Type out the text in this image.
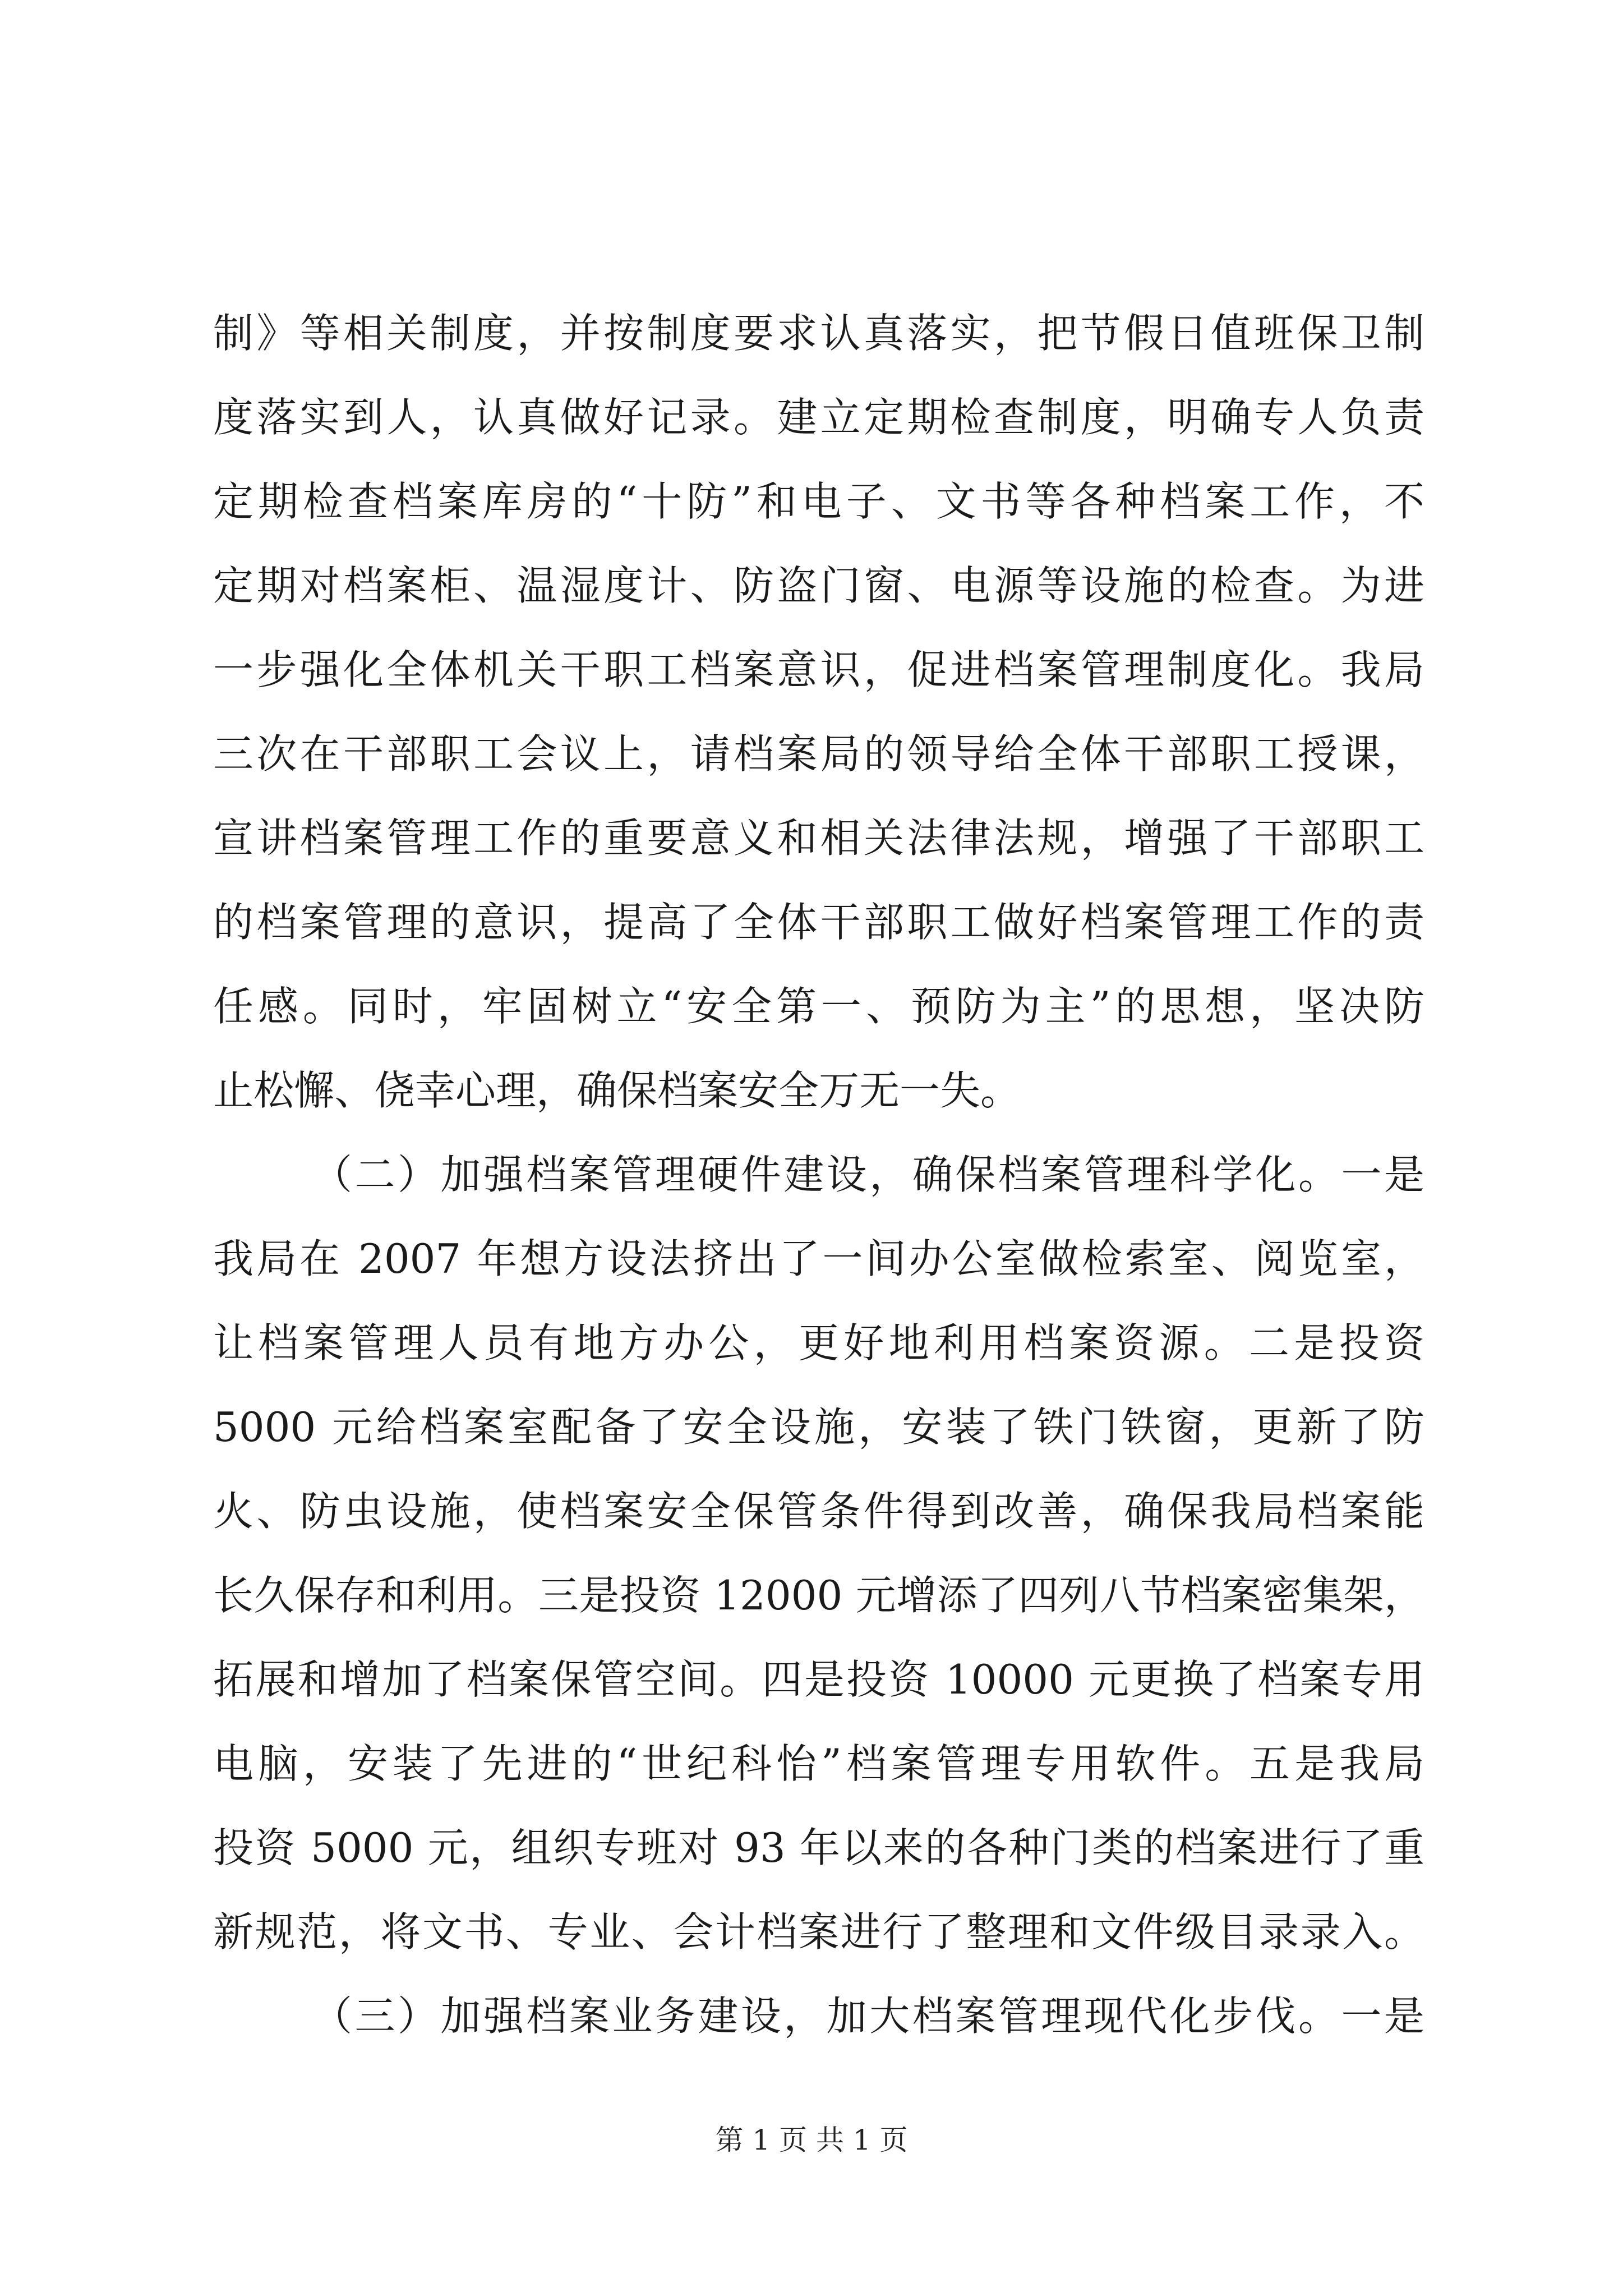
制》等相关制度，并按制度要求认真落实，把节假日值班保卫制
度落实到人，认真做好记录。建立定期检查制度，明确专人负责
定期检查档案库房的“十防”和电子、文书等各种档案工作，不
定期对档案柜、温湿度计、防盗门窗、电源等设施的检查。为进
一步强化全体机关干职工档案意识，促进档案管理制度化。我局
三次在干部职工会议上，请档案局的领导给全体干部职工授课，
宣讲档案管理工作的重要意义和相关法律法规，增强了干部职工
的档案管理的意识，提高了全体干部职工做好档案管理工作的责
任感。同时，牢固树立“安全第一、预防为主”的思想，坚决防
止松懈、侥幸心理，确保档案安全万无一失。
（二）加强档案管理硬件建设，确保档案管理科学化。一是
我局在 2007 年想方设法挤出了一间办公室做检索室、阅览室，
让档案管理人员有地方办公，更好地利用档案资源。二是投资
5000 元给档案室配备了安全设施，安装了铁门铁窗，更新了防
火、防虫设施，使档案安全保管条件得到改善，确保我局档案能
长久保存和利用。三是投资 12000 元增添了四列八节档案密集架，
拓展和增加了档案保管空间。四是投资 10000 元更换了档案专用
电脑，安装了先进的“世纪科怡”档案管理专用软件。五是我局
投资 5000 元，组织专班对 93 年以来的各种门类的档案进行了重
新规范，将文书、专业、会计档案进行了整理和文件级目录录入。
（三）加强档案业务建设，加大档案管理现代化步伐。一是
第 1 页 共 1 页
